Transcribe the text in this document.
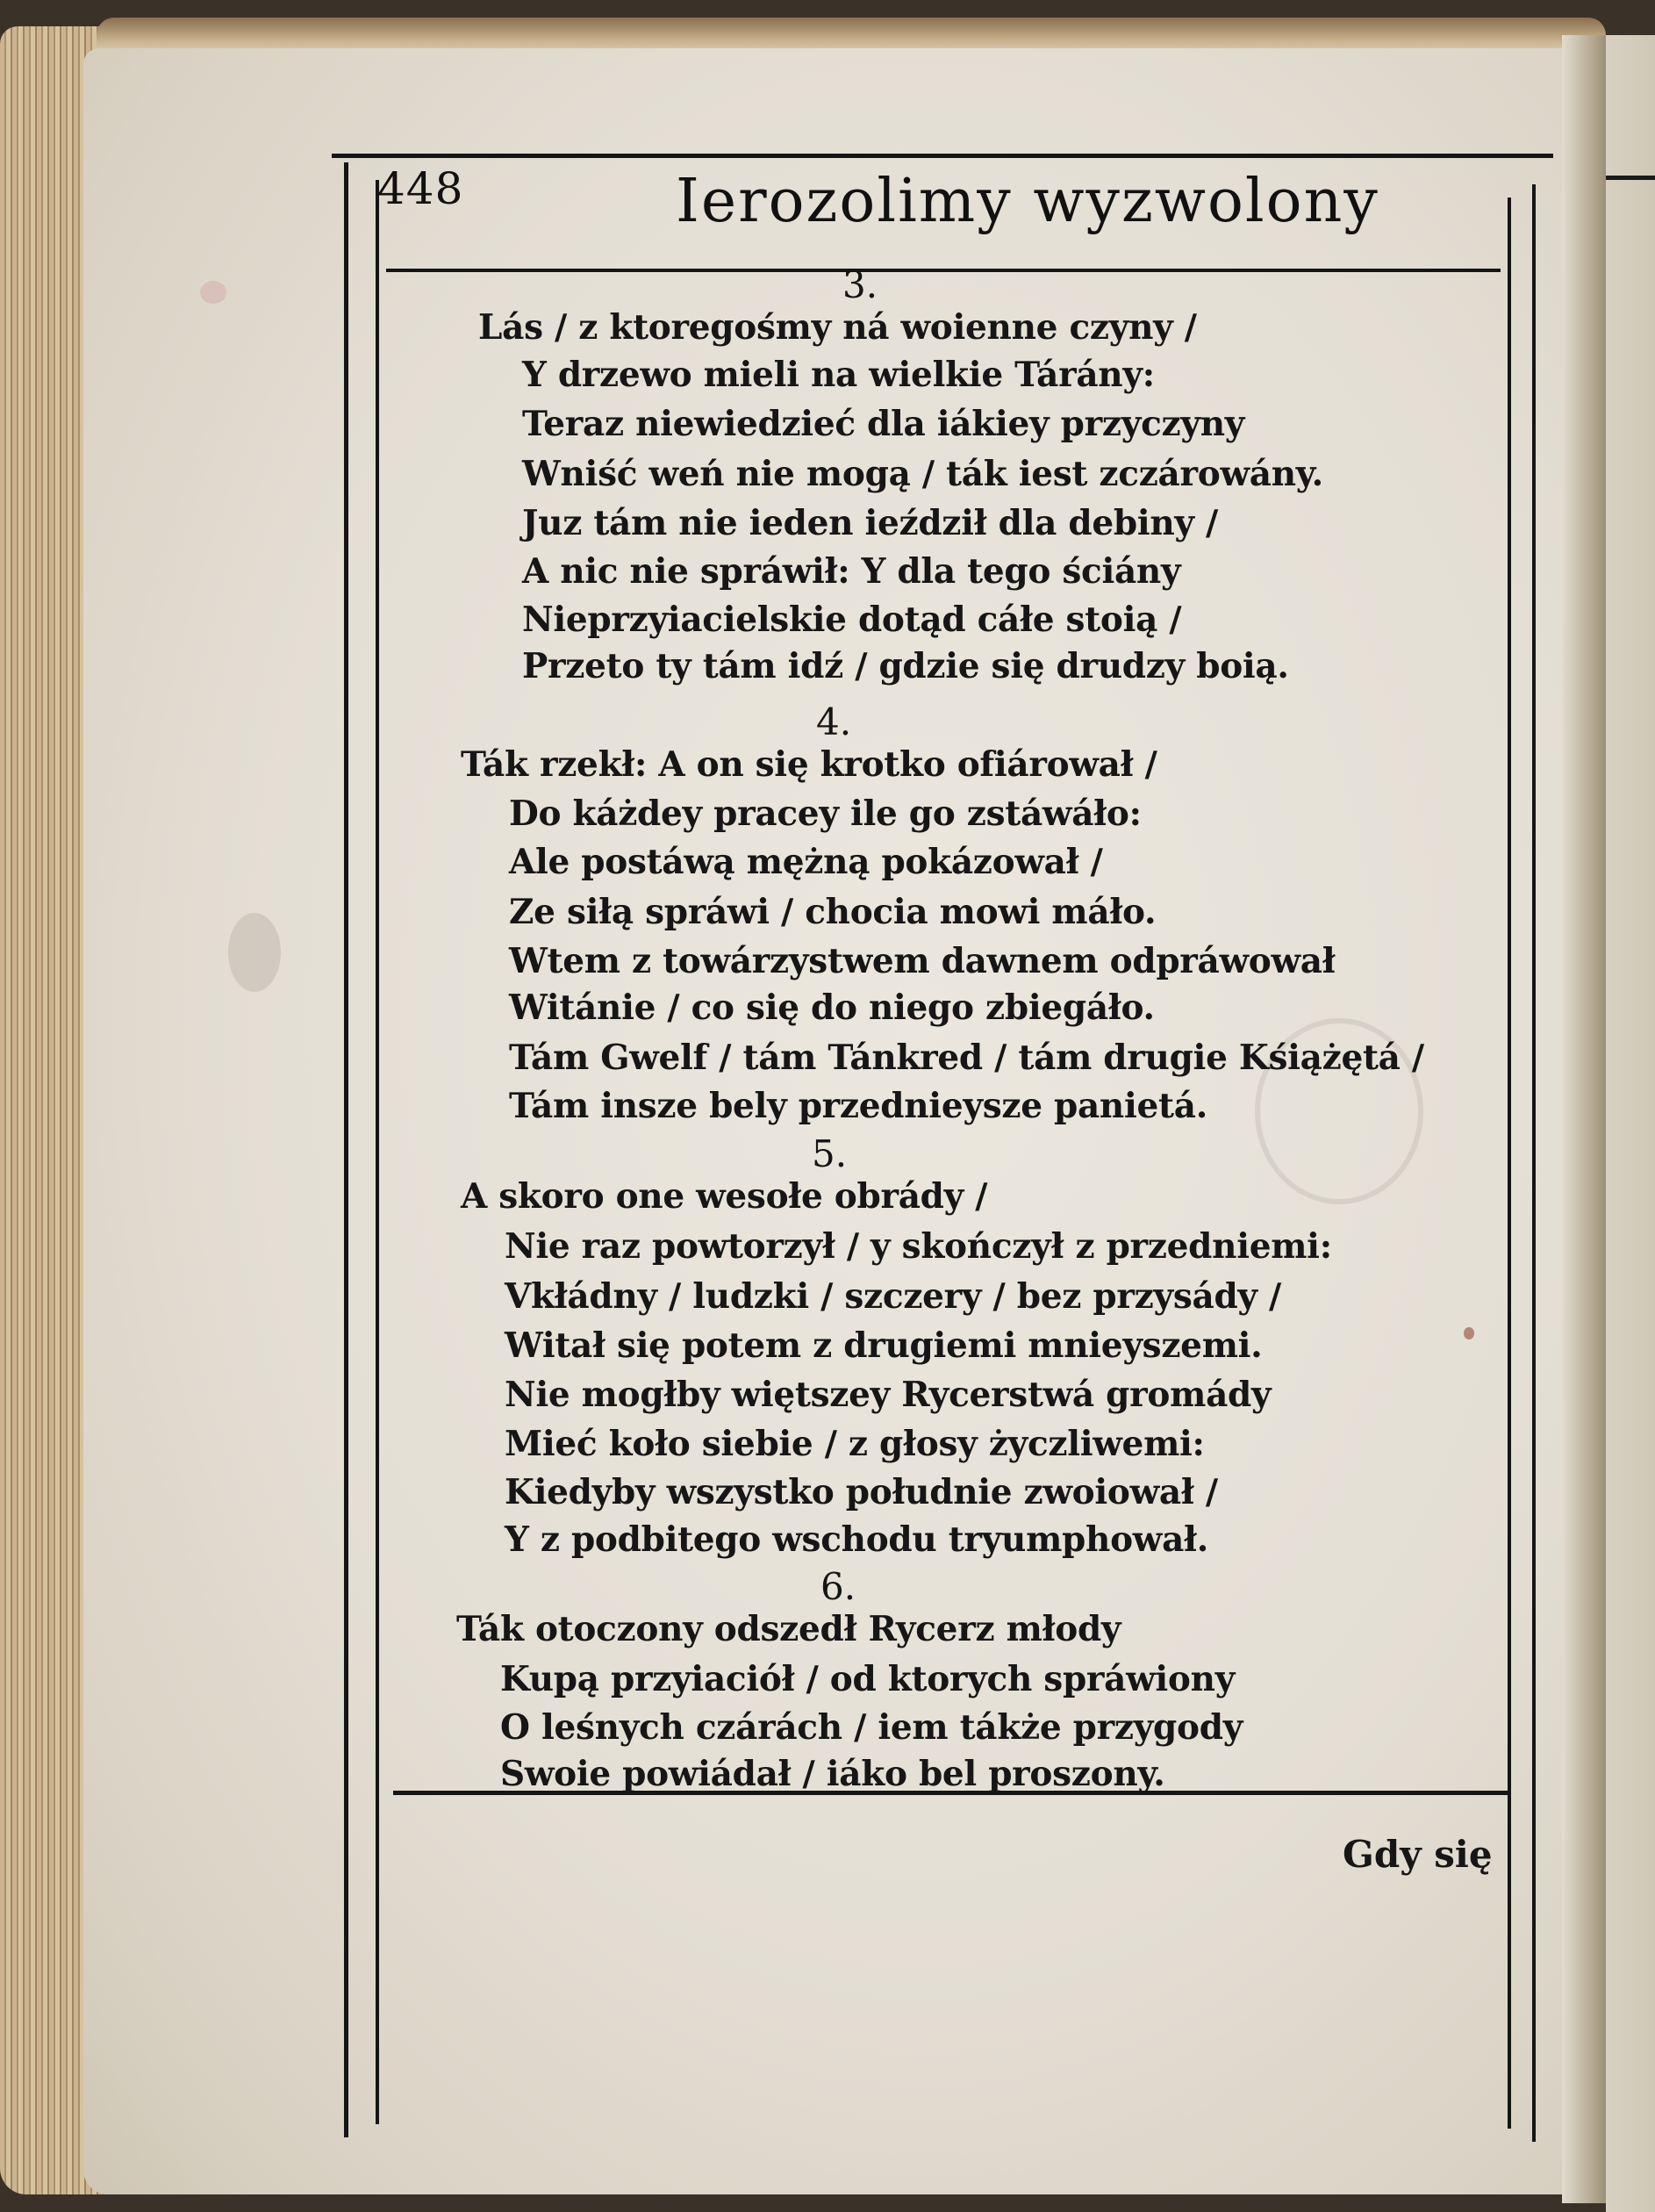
448	Ierozolimy wyzwolony
3.
Lás / z ktoregośmy ná woienne czyny /
Y drzewo mieli na wielkie Tárány:
Teraz niewiedzieć dla iákiey przyczyny
Wniść weń nie mogą / ták iest zczárowány.
Juz tám nie ieden ieździł dla debiny /
A nic nie spráwił: Y dla tego ściány
Nieprzyiacielskie dotąd cáłe stoią /
Przeto ty tám idź / gdzie się drudzy boią.
4.
Ták rzekł: A on się krotko ofiárował /
Do káżdey pracey ile go zstáwáło:
Ale postáwą mężną pokázował /
Ze siłą spráwi / chocia mowi máło.
Wtem z towárzystwem dawnem odpráwował
Witánie / co się do niego zbiegáło.
Tám Gwelf / tám Tánkred / tám drugie Kśiążętá /
Tám insze bely przednieysze panietá.
5.
A skoro one wesołe obrády /
Nie raz powtorzył / y skończył z przedniemi:
Vkłádny / ludzki / szczery / bez przysády /
Witał się potem z drugiemi mnieyszemi.
Nie mogłby więtszey Rycerstwá gromády
Mieć koło siebie / z głosy życzliwemi:
Kiedyby wszystko południe zwoiował /
Y z podbitego wschodu tryumphował.
6.
Ták otoczony odszedł Rycerz młody
Kupą przyiaciół / od ktorych spráwiony
O leśnych czárách / iem tákże przygody
Swoie powiádał / iáko bel proszony.
Gdy się
